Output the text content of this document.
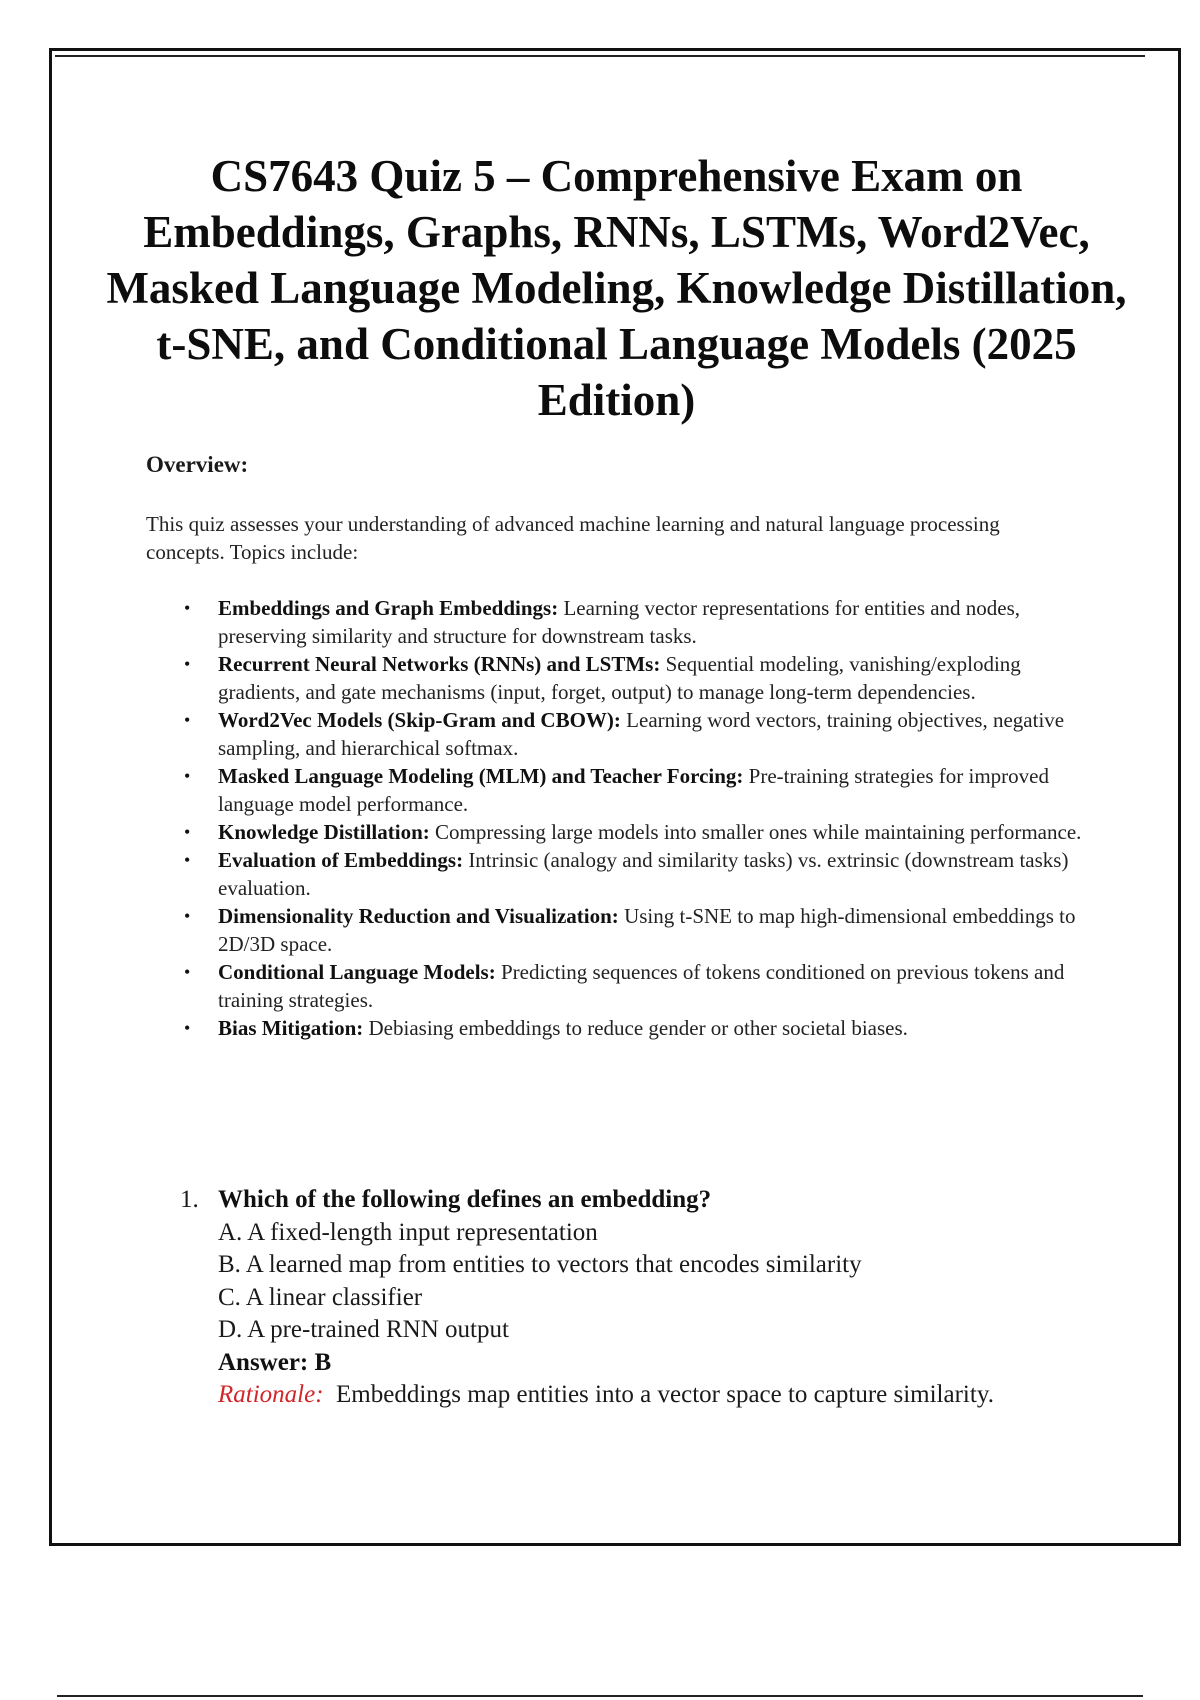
CS7643 Quiz 5 – Comprehensive Exam on Embeddings, Graphs, RNNs, LSTMs, Word2Vec, Masked Language Modeling, Knowledge Distillation, t-SNE, and Conditional Language Models (2025 Edition)
Overview:

This quiz assesses your understanding of advanced machine learning and natural language processing concepts. Topics include:

• Embeddings and Graph Embeddings: Learning vector representations for entities and nodes, preserving similarity and structure for downstream tasks.
• Recurrent Neural Networks (RNNs) and LSTMs: Sequential modeling, vanishing/exploding gradients, and gate mechanisms (input, forget, output) to manage long-term dependencies.
• Word2Vec Models (Skip-Gram and CBOW): Learning word vectors, training objectives, negative sampling, and hierarchical softmax.
• Masked Language Modeling (MLM) and Teacher Forcing: Pre-training strategies for improved language model performance.
• Knowledge Distillation: Compressing large models into smaller ones while maintaining performance.
• Evaluation of Embeddings: Intrinsic (analogy and similarity tasks) vs. extrinsic (downstream tasks) evaluation.
• Dimensionality Reduction and Visualization: Using t-SNE to map high-dimensional embeddings to 2D/3D space.
• Conditional Language Models: Predicting sequences of tokens conditioned on previous tokens and training strategies.
• Bias Mitigation: Debiasing embeddings to reduce gender or other societal biases.
1. Which of the following defines an embedding?
A. A fixed-length input representation
B. A learned map from entities to vectors that encodes similarity
C. A linear classifier
D. A pre-trained RNN output
Answer: B
Rationale:  Embeddings map entities into a vector space to capture similarity.
